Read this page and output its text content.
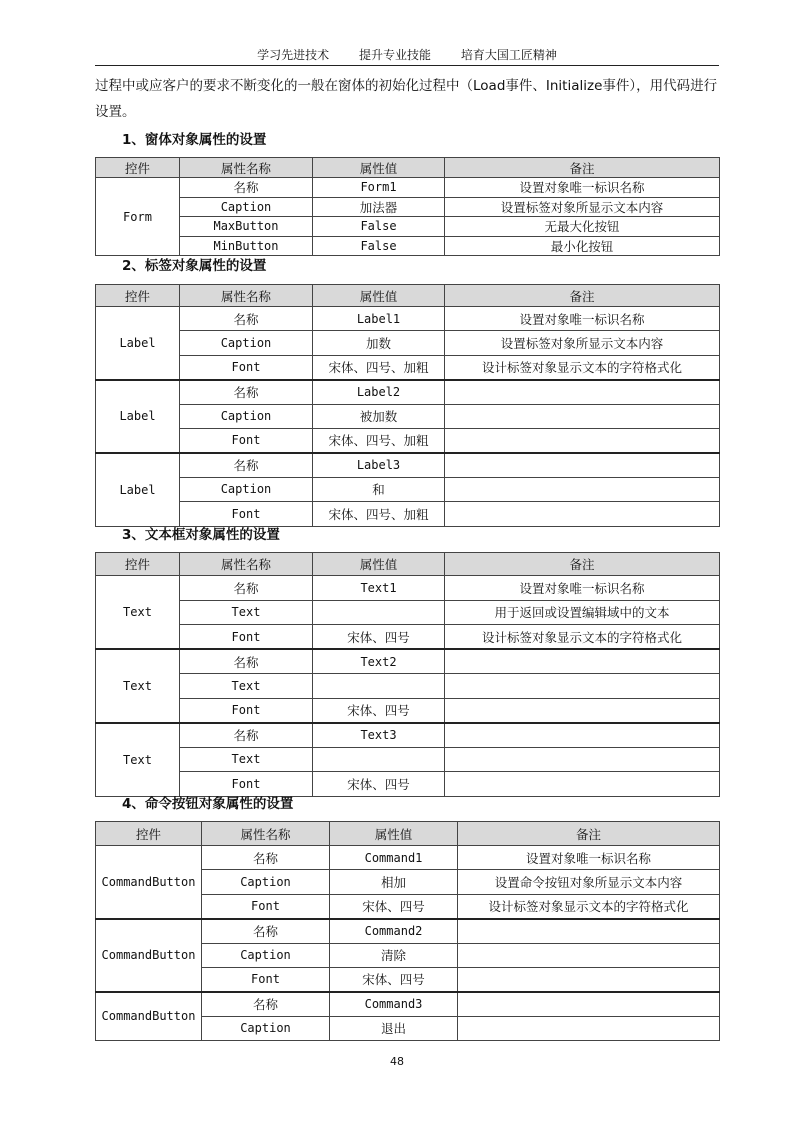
学习先进技术 提升专业技能 培育大国工匠精神
过程中或应客户的要求不断变化的一般在窗体的初始化过程中（Load事件、Initialize事件），用代码进行设置。
1、窗体对象属性的设置
控件	属性名称	属性值	备注
Form	名称	Form1	设置对象唯一标识名称
	Caption	加法器	设置标签对象所显示文本内容
	MaxButton	False	无最大化按钮
	MinButton	False	最小化按钮
2、标签对象属性的设置
控件	属性名称	属性值	备注
Label	名称	Label1	设置对象唯一标识名称
	Caption	加数	设置标签对象所显示文本内容
	Font	宋体、四号、加粗	设计标签对象显示文本的字符格式化
Label	名称	Label2	
	Caption	被加数	
	Font	宋体、四号、加粗	
Label	名称	Label3	
	Caption	和	
	Font	宋体、四号、加粗	
3、文本框对象属性的设置
控件	属性名称	属性值	备注
Text	名称	Text1	设置对象唯一标识名称
	Text		用于返回或设置编辑域中的文本
	Font	宋体、四号	设计标签对象显示文本的字符格式化
Text	名称	Text2	
	Text		
	Font	宋体、四号	
Text	名称	Text3	
	Text		
	Font	宋体、四号	
4、命令按钮对象属性的设置
控件	属性名称	属性值	备注
CommandButton	名称	Command1	设置对象唯一标识名称
	Caption	相加	设置命令按钮对象所显示文本内容
	Font	宋体、四号	设计标签对象显示文本的字符格式化
CommandButton	名称	Command2	
	Caption	清除	
	Font	宋体、四号	
CommandButton	名称	Command3	
	Caption	退出	
48
